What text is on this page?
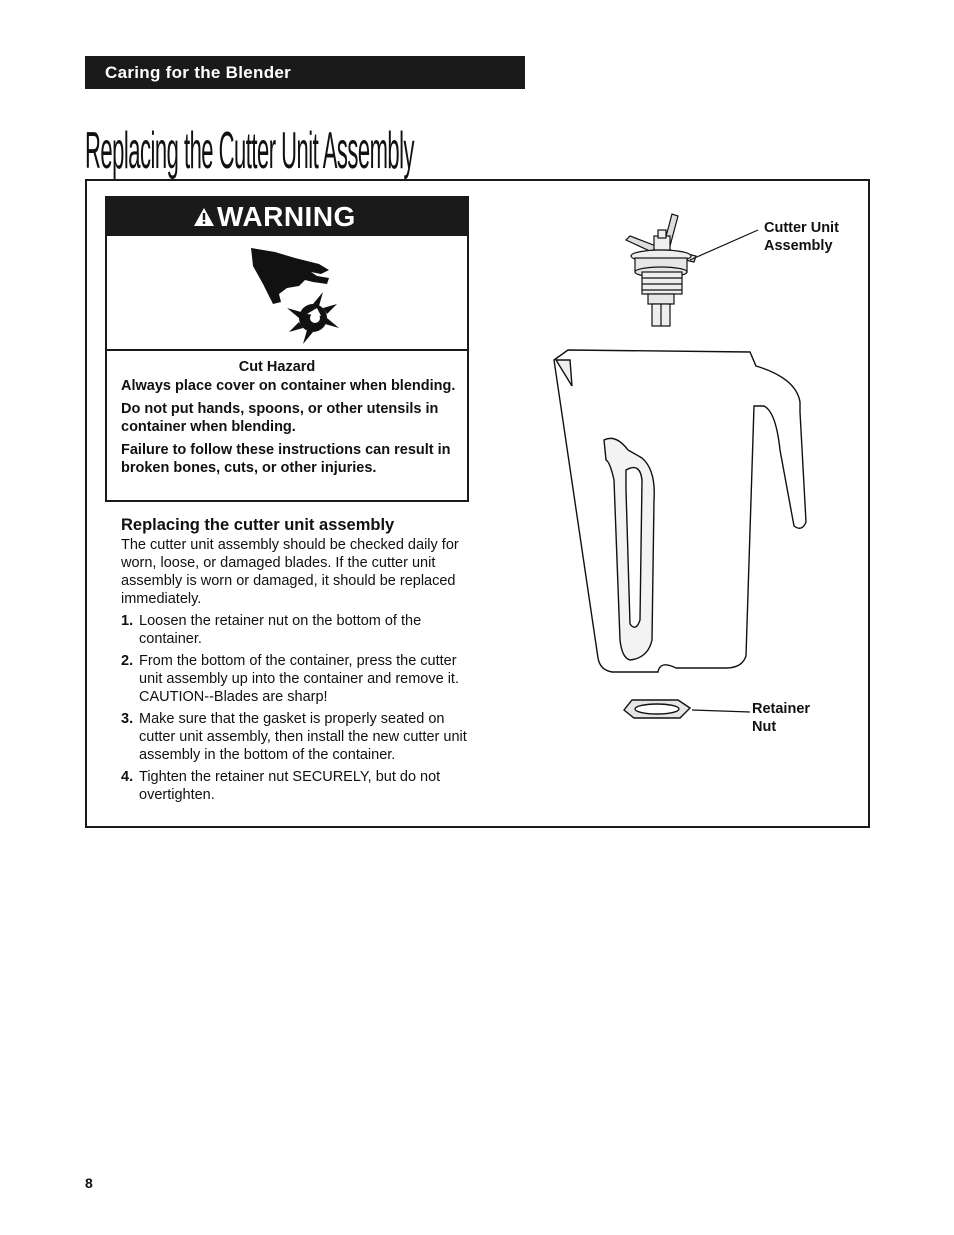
Caring for the Blender
Replacing the Cutter Unit Assembly
WARNING

Cut Hazard

Always place cover on container when blending.

Do not put hands, spoons, or other utensils in container when blending.

Failure to follow these instructions can result in broken bones, cuts, or other injuries.

Replacing the cutter unit assembly

The cutter unit assembly should be checked daily for worn, loose, or damaged blades. If the cutter unit assembly is worn or damaged, it should be replaced immediately.

1. Loosen the retainer nut on the bottom of the container.
2. From the bottom of the container, press the cutter unit assembly up into the container and remove it. CAUTION--Blades are sharp!
3. Make sure that the gasket is properly seated on cutter unit assembly, then install the new cutter unit assembly in the bottom of the container.
4. Tighten the retainer nut SECURELY, but do not overtighten.
Cutter Unit
Assembly
Retainer
Nut
8
